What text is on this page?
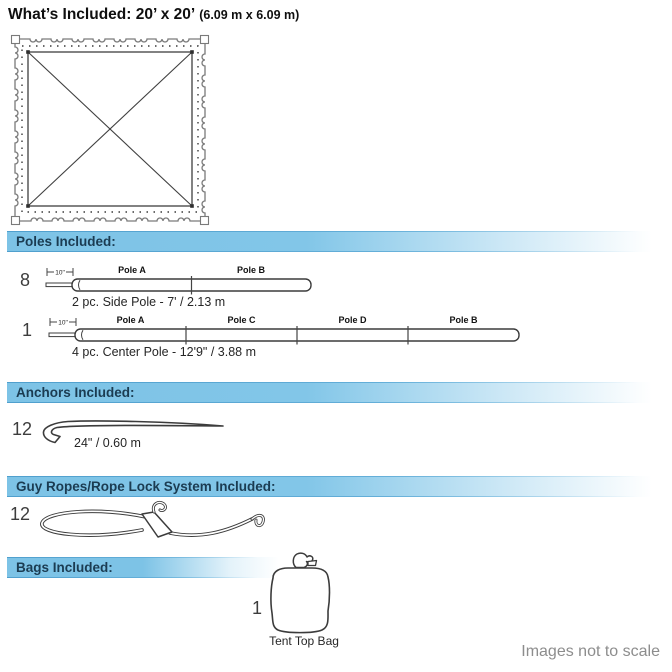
What’s Included: 20’ x 20’ (6.09 m x 6.09 m)
Poles Included:
8	10"	Pole A	Pole B
2 pc. Side Pole - 7' / 2.13 m
1	10"	Pole A	Pole C	Pole D	Pole B
4 pc. Center Pole - 12'9" / 3.88 m
Anchors Included:
12
24" / 0.60 m
Guy Ropes/Rope Lock System Included:
12
Bags Included:
1
Tent Top Bag
Images not to scale
